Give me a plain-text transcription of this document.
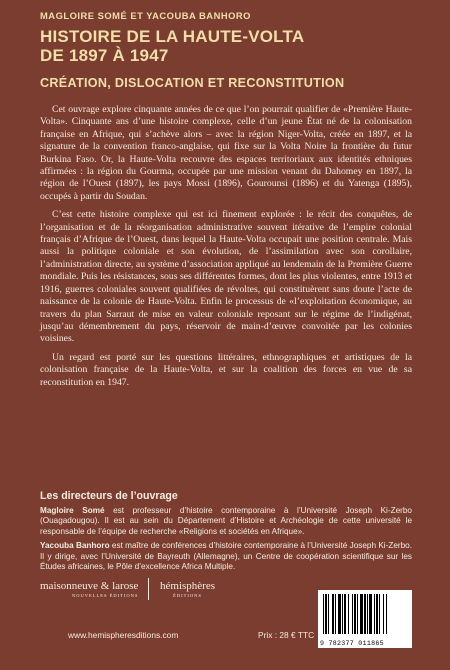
MAGLOIRE SOMÉ ET YACOUBA BANHORO
HISTOIRE DE LA HAUTE-VOLTA
DE 1897 À 1947
CRÉATION, DISLOCATION ET RECONSTITUTION

Cet ouvrage explore cinquante années de ce que l’on pourrait qualifier de «Première Haute-Volta». Cinquante ans d’une histoire complexe, celle d’un jeune État né de la colonisation française en Afrique, qui s’achève alors – avec la région Niger-Volta, créée en 1897, et la signature de la convention franco-anglaise, qui fixe sur la Volta Noire la frontière du futur Burkina Faso. Or, la Haute-Volta recouvre des espaces territoriaux aux identités ethniques affirmées : la région du Gourma, occupée par une mission venant du Dahomey en 1897, la région de l’Ouest (1897), les pays Mossi (1896), Gourounsi (1896) et du Yatenga (1895), occupés à partir du Soudan.

C’est cette histoire complexe qui est ici finement explorée : le récit des conquêtes, de l’organisation et de la réorganisation administrative souvent itérative de l’empire colonial français d’Afrique de l’Ouest, dans lequel la Haute-Volta occupait une position centrale. Mais aussi la politique coloniale et son évolution, de l’assimilation avec son corollaire, l’administration directe, au système d’association appliqué au lendemain de la Première Guerre mondiale. Puis les résistances, sous ses différentes formes, dont les plus violentes, entre 1913 et 1916, guerres coloniales souvent qualifiées de révoltes, qui constituèrent sans doute l’acte de naissance de la colonie de Haute-Volta. Enfin le processus de «l’exploitation économique, au travers du plan Sarraut de mise en valeur coloniale reposant sur le régime de l’indigénat, jusqu’au démembrement du pays, réservoir de main-d’œuvre convoitée par les colonies voisines.

Un regard est porté sur les questions littéraires, ethnographiques et artistiques de la colonisation française de la Haute-Volta, et sur la coalition des forces en vue de sa reconstitution en 1947.

Les directeurs de l’ouvrage

Magloire Somé est professeur d’histoire contemporaine à l’Université Joseph Ki-Zerbo (Ouagadougou). Il est au sein du Département d’Histoire et Archéologie de cette université le responsable de l’équipe de recherche «Religions et sociétés en Afrique».

Yacouba Banhoro est maître de conférences d’histoire contemporaine à l’Université Joseph Ki-Zerbo. Il y dirige, avec l’Université de Bayreuth (Allemagne), un Centre de coopération scientifique sur les Études africaines, le Pôle d’excellence Africa Multiple.

maisonneuve & larose
NOUVELLES ÉDITIONS
hémisphères
ÉDITIONS
www.hemispheresditions.com	Prix : 28 € TTC
9 782377 011865
